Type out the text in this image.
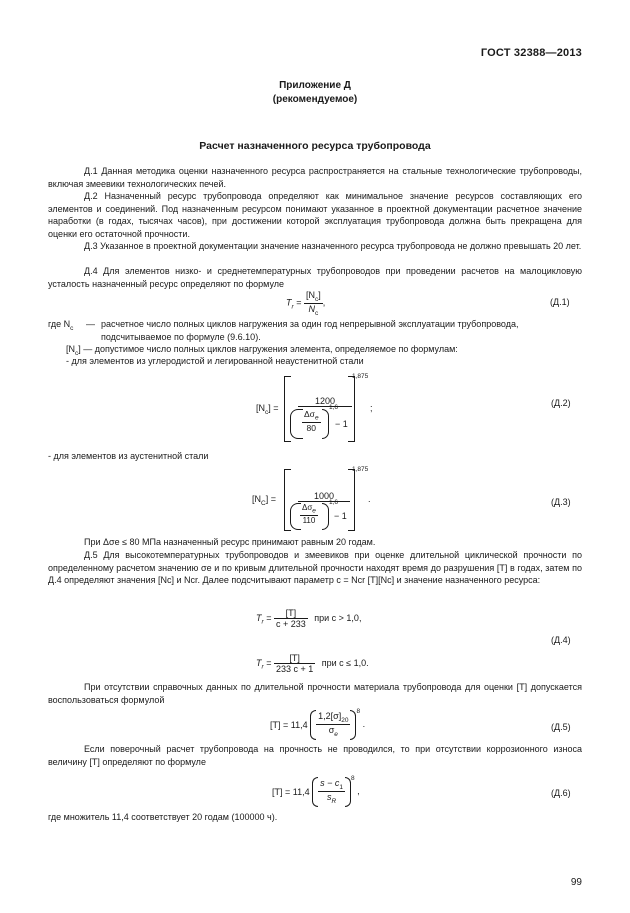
ГОСТ 32388—2013
Приложение Д
(рекомендуемое)
Расчет назначенного ресурса трубопровода

Д.1 Данная методика оценки назначенного ресурса распространяется на стальные технологические трубопроводы, включая змеевики технологических печей.

Д.2 Назначенный ресурс трубопровода определяют как минимальное значение ресурсов составляющих его элементов и соединений. Под назначенным ресурсом понимают указанное в проектной документации расчетное значение наработки (в годах, тысячах часов), при достижении которой эксплуатация трубопровода должна быть прекращена для оценки его остаточной прочности.

Д.3 Указанное в проектной документации значение назначенного ресурса трубопровода не должно превышать 20 лет.

Д.4 Для элементов низко- и среднетемпературных трубопроводов при проведении расчетов на малоцикловую усталость назначенный ресурс определяют по формуле

$T_r = \frac{[N_c]}{N_c}$ ,	(Д.1)
где $N_c$ — расчетное число полных циклов нагружения за один год непрерывной эксплуатации трубопровода,
подсчитываемое по формуле (9.6.10).
$[N_c]$ — допустимое число полных циклов нагружения элемента, определяемое по формулам:
- для элементов из углеродистой и легированной неаустенитной стали
$[N_c]$ =
1200
$\Delta\sigma_e$
80
1,6
− 1
1,875
;	(Д.2)
- для элементов из аустенитной стали
$[N_C]$ =	1000
$\Delta\sigma_e$
110
1,6
− 1
1,875
.	(Д.3)

При Δσe ≤ 80 МПа назначенный ресурс принимают равным 20 годам.

Д.5 Для высокотемпературных трубопроводов и змеевиков при оценке длительной циклической прочности по определенному расчетом значению σe и по кривым длительной прочности находят время до разрушения [T] в годах, затем по Д.4 определяют значения [Nc] и Ncr. Далее подсчитывают параметр c = Ncr [T][Nc] и значение назначенного ресурса:

$T_r = \frac{[T]}{c + 233}$ при c > 1,0,
(Д.4)
$T_r = \frac{[T]}{233 c + 1}$ при c ≤ 1,0.

При отсутствии справочных данных по длительной прочности материала трубопровода для оценки [T] допускается воспользоваться формулой

$[T] = 11,4 \frac{1,2[\sigma]_{20}}{\sigma_e} ^8$ .	(Д.5)

Если поверочный расчет трубопровода на прочность не проводился, то при отсутствии коррозионного износа величину [T] определяют по формуле

$[T] = 11,4 \frac{s - c_1}{s_R} ^8$ ,	(Д.6)
где множитель 11,4 соответствует 20 годам (100000 ч).
99
